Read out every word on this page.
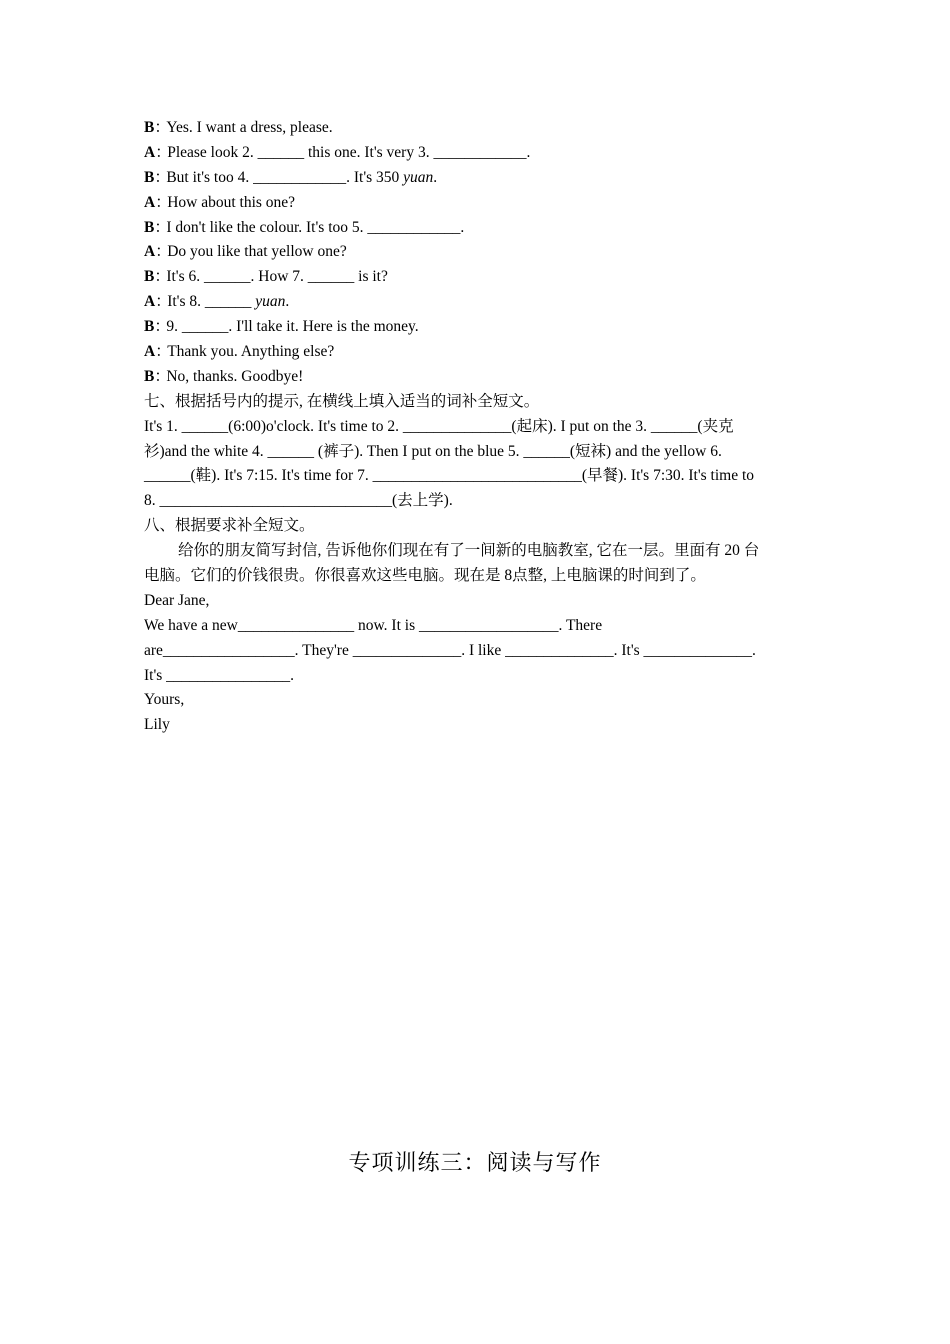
B：Yes. I want a dress, please.
A：Please look 2. ______ this one. It's very 3. ____________.
B：But it's too 4. ____________. It's 350 yuan.
A：How about this one?
B：I don't like the colour. It's too 5. ____________.
A：Do you like that yellow one?
B：It's 6. ______. How 7. ______ is it?
A：It's 8. ______ yuan.
B：9. ______. I'll take it. Here is the money.
A：Thank you. Anything else?
B：No, thanks. Goodbye!
七、根据括号内的提示, 在横线上填入适当的词补全短文。
It's 1. ______(6:00)o'clock. It's time to 2. ______________(起床). I put on the 3. ______(夹克
衫)and the white 4. ______ (裤子). Then I put on the blue 5. ______(短袜) and the yellow 6.
______(鞋). It's 7:15. It's time for 7. ___________________________(早餐). It's 7:30. It's time to
8. ______________________________(去上学).
八、根据要求补全短文。
给你的朋友简写封信, 告诉他你们现在有了一间新的电脑教室, 它在一层。里面有 20 台
电脑。它们的价钱很贵。你很喜欢这些电脑。现在是 8点整, 上电脑课的时间到了。
Dear Jane,
We have a new_______________ now. It is __________________. There
are_________________. They're ______________. I like ______________. It's ______________.
It's ________________.
Yours,
Lily
专项训练三：阅读与写作
